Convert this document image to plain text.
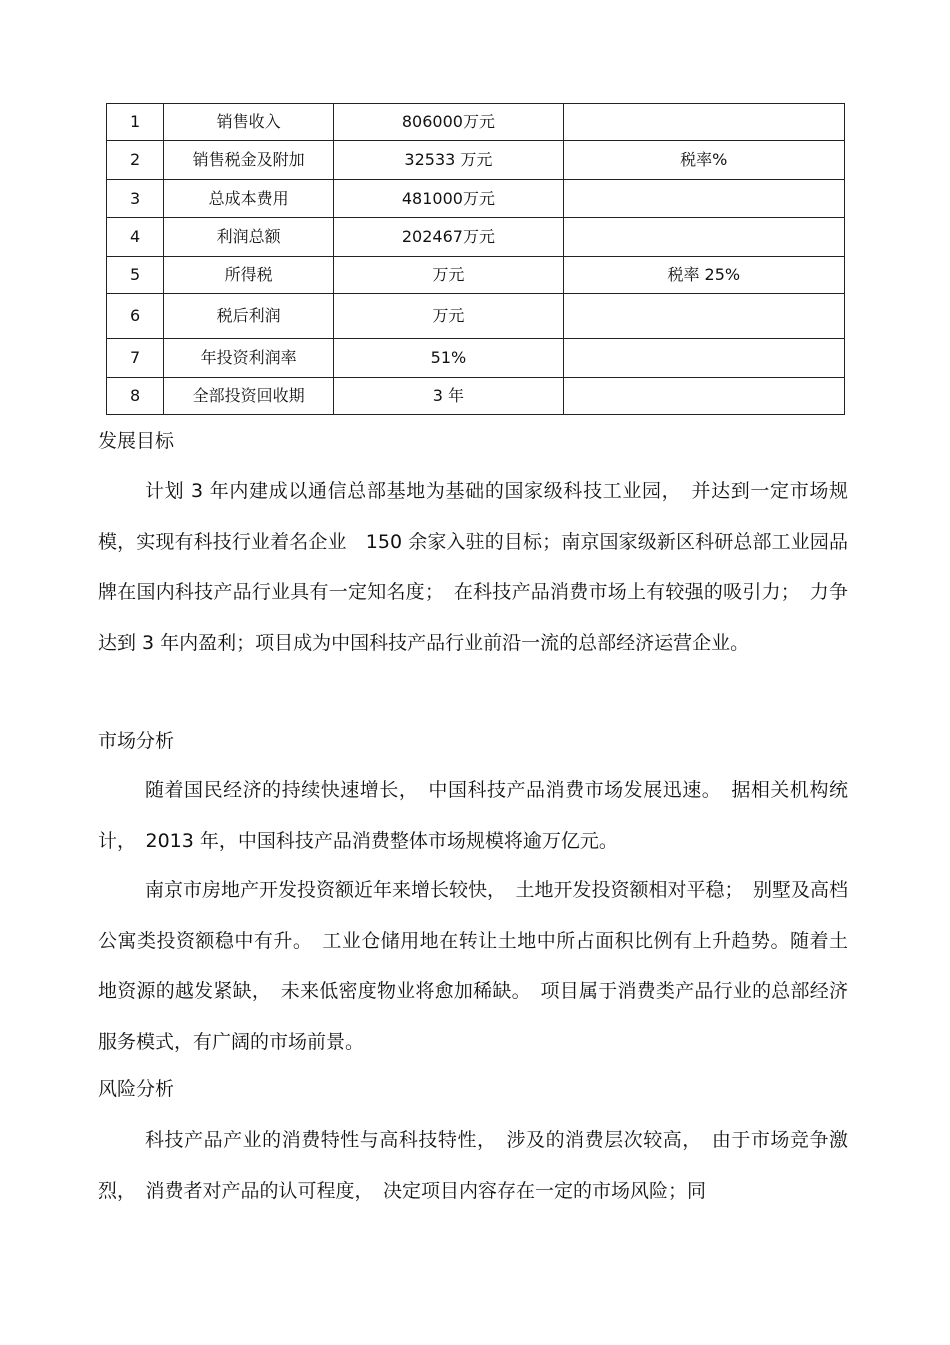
1	销售收入	806000万元	
2	销售税金及附加	32533 万元	税率%
3	总成本费用	481000万元	
4	利润总额	202467万元	
5	所得税	万元	税率 25%
6	税后利润	万元	
7	年投资利润率	51%	
8	全部投资回收期	3 年	
发展目标

计划 3 年内建成以通信总部基地为基础的国家级科技工业园，　并达到一定市场规模，实现有科技行业着名企业　150 余家入驻的目标；南京国家级新区科研总部工业园品牌在国内科技产品行业具有一定知名度；　在科技产品消费市场上有较强的吸引力；　力争达到 3 年内盈利；项目成为中国科技产品行业前沿一流的总部经济运营企业。

市场分析

随着国民经济的持续快速增长，　中国科技产品消费市场发展迅速。　据相关机构统计，　2013 年，中国科技产品消费整体市场规模将逾万亿元。

南京市房地产开发投资额近年来增长较快，　土地开发投资额相对平稳；　别墅及高档公寓类投资额稳中有升。　工业仓储用地在转让土地中所占面积比例有上升趋势。随着土地资源的越发紧缺，　未来低密度物业将愈加稀缺。　项目属于消费类产品行业的总部经济服务模式，有广阔的市场前景。

风险分析

科技产品产业的消费特性与高科技特性，　涉及的消费层次较高，　由于市场竞争激烈，　消费者对产品的认可程度，　决定项目内容存在一定的市场风险；同
